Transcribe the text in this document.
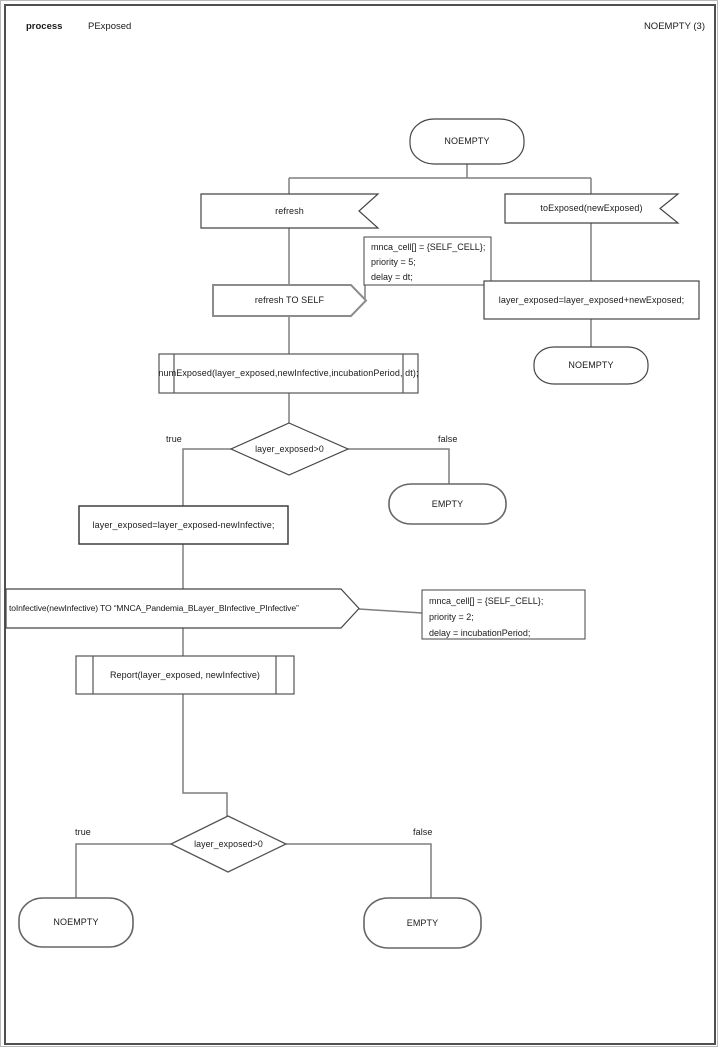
process	PExposed	NOEMPTY (3)
NOEMPTY
NOEMPTY
EMPTY
NOEMPTY	EMPTY
refresh	toExposed(newExposed)
refresh TO SELF
toInfective(newInfective) TO “MNCA_Pandemia_BLayer_BInfective_PInfective”
layer_exposed=layer_exposed+newExposed;
layer_exposed=layer_exposed-newInfective;
numExposed(layer_exposed,newInfective,incubationPeriod, dt);
Report(layer_exposed, newInfective)
layer_exposed>0
layer_exposed>0
true	false
true	false
mnca_cell[] = {SELF_CELL};
priority = 5;
delay = dt;
mnca_cell[] = {SELF_CELL};
priority = 2;
delay = incubationPeriod;
